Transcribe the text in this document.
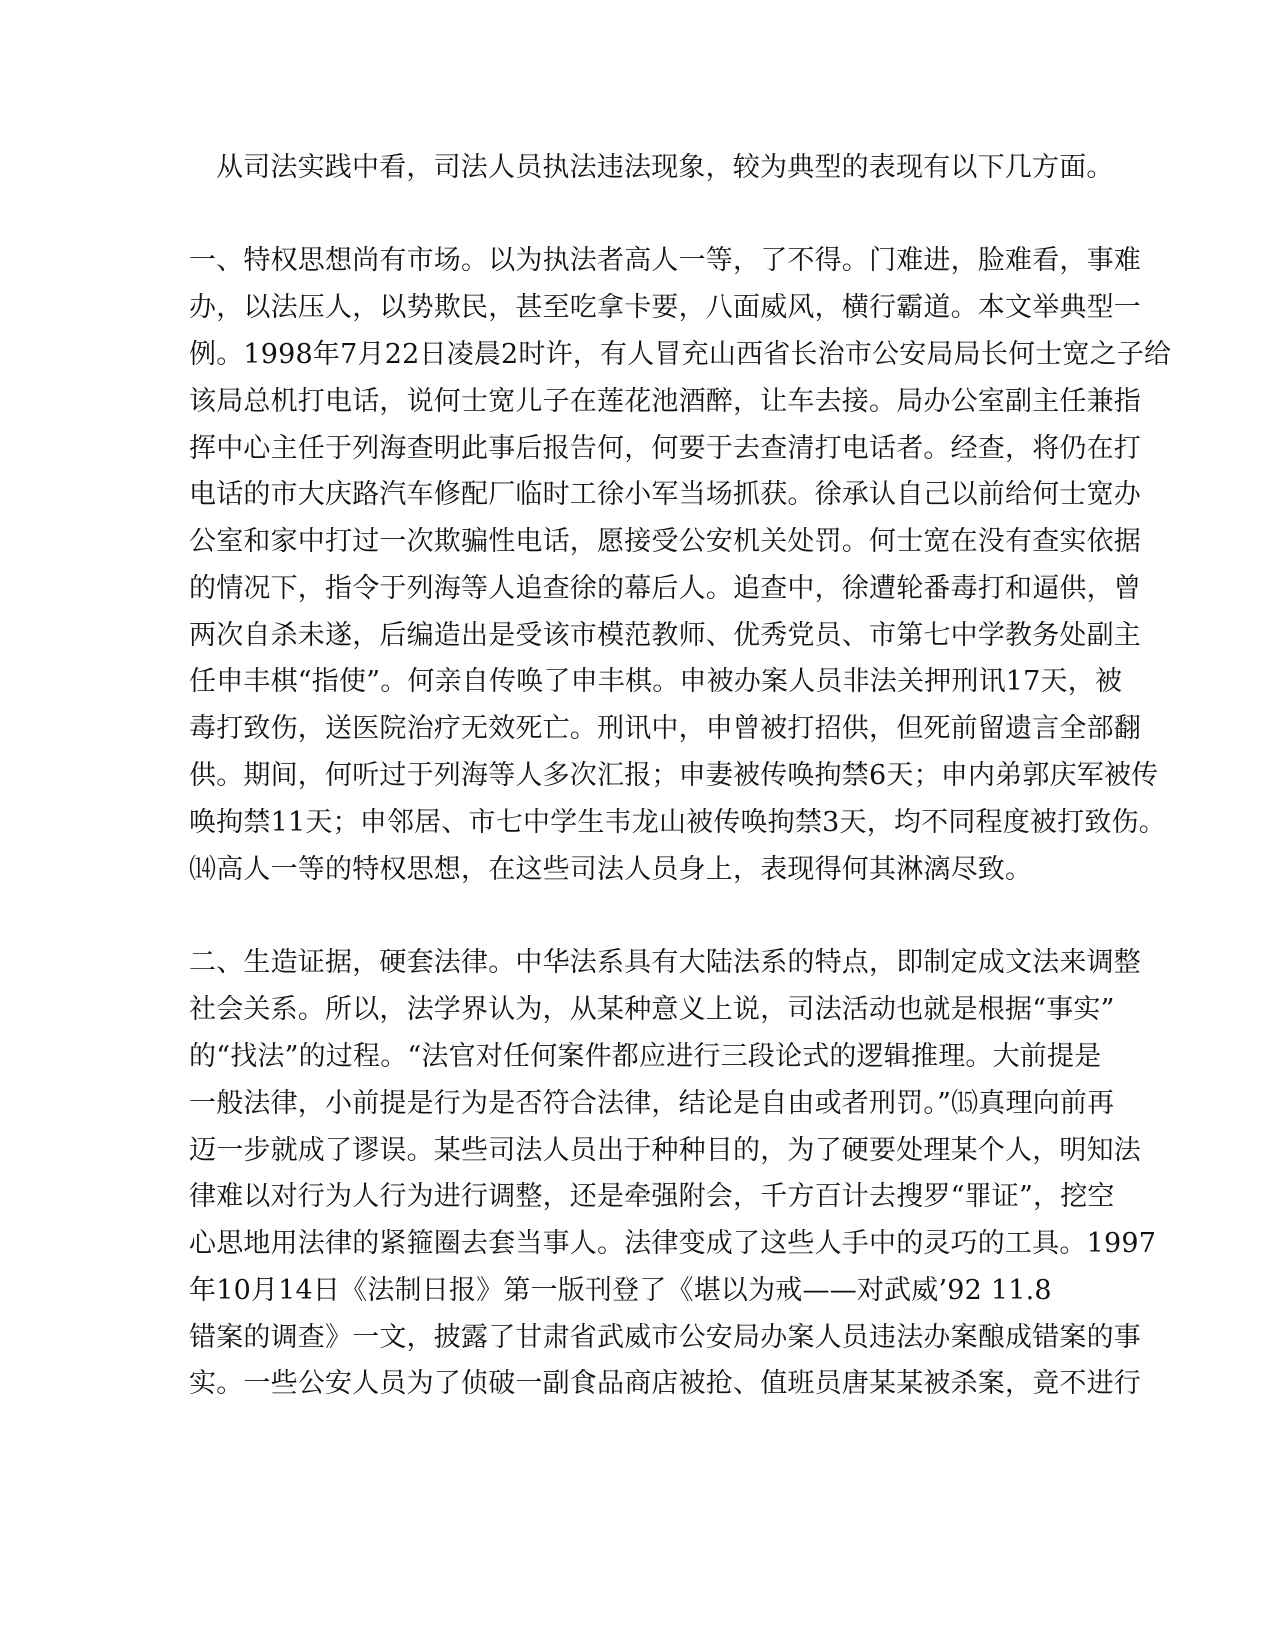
从司法实践中看，司法人员执法违法现象，较为典型的表现有以下几方面。
一、特权思想尚有市场。以为执法者高人一等，了不得。门难进，脸难看，事难
办，以法压人，以势欺民，甚至吃拿卡要，八面威风，横行霸道。本文举典型一
例。1998年7月22日凌晨2时许，有人冒充山西省长治市公安局局长何士宽之子给
该局总机打电话，说何士宽儿子在莲花池酒醉，让车去接。局办公室副主任兼指
挥中心主任于列海查明此事后报告何，何要于去查清打电话者。经查，将仍在打
电话的市大庆路汽车修配厂临时工徐小军当场抓获。徐承认自己以前给何士宽办
公室和家中打过一次欺骗性电话，愿接受公安机关处罚。何士宽在没有查实依据
的情况下，指令于列海等人追查徐的幕后人。追查中，徐遭轮番毒打和逼供，曾
两次自杀未遂，后编造出是受该市模范教师、优秀党员、市第七中学教务处副主
任申丰棋“指使”。何亲自传唤了申丰棋。申被办案人员非法关押刑讯17天，被
毒打致伤，送医院治疗无效死亡。刑讯中，申曾被打招供，但死前留遗言全部翻
供。期间，何听过于列海等人多次汇报；申妻被传唤拘禁6天；申内弟郭庆军被传
唤拘禁11天；申邻居、市七中学生韦龙山被传唤拘禁3天，均不同程度被打致伤。
⒁高人一等的特权思想，在这些司法人员身上，表现得何其淋漓尽致。
二、生造证据，硬套法律。中华法系具有大陆法系的特点，即制定成文法来调整
社会关系。所以，法学界认为，从某种意义上说，司法活动也就是根据“事实”
的“找法”的过程。“法官对任何案件都应进行三段论式的逻辑推理。大前提是
一般法律，小前提是行为是否符合法律，结论是自由或者刑罚。”⒂真理向前再
迈一步就成了谬误。某些司法人员出于种种目的，为了硬要处理某个人，明知法
律难以对行为人行为进行调整，还是牵强附会，千方百计去搜罗“罪证”，挖空
心思地用法律的紧箍圈去套当事人。法律变成了这些人手中的灵巧的工具。1997
年10月14日《法制日报》第一版刊登了《堪以为戒——对武威’92 11.8
错案的调查》一文，披露了甘肃省武威市公安局办案人员违法办案酿成错案的事
实。一些公安人员为了侦破一副食品商店被抢、值班员唐某某被杀案，竟不进行
